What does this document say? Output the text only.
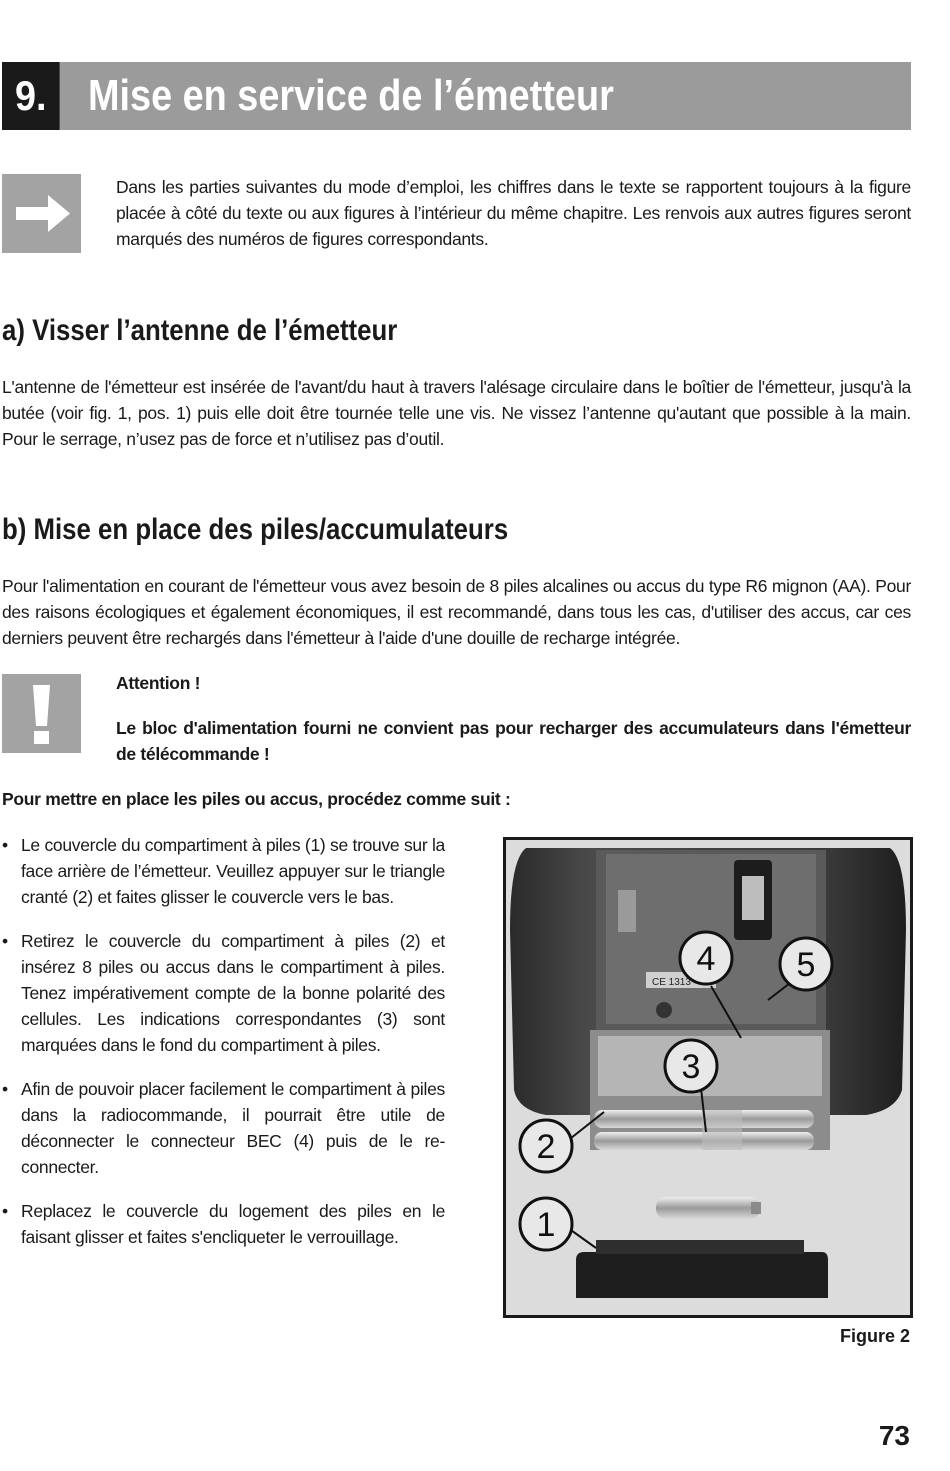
9. Mise en service de l’émetteur
Dans les parties suivantes du mode d’emploi, les chiffres dans le texte se rapportent toujours à la figure placée à côté du texte ou aux figures à l’intérieur du même chapitre. Les renvois aux autres figures seront marqués des numéros de figures correspondants.
a) Visser l’antenne de l’émetteur
L'antenne de l'émetteur est insérée de l'avant/du haut à travers l'alésage circulaire dans le boîtier de l'émetteur, jusqu'à la butée (voir fig. 1, pos. 1) puis elle doit être tournée telle une vis. Ne vissez l’antenne qu'autant que possible à la main. Pour le serrage, n’usez pas de force et n’utilisez pas d’outil.
b) Mise en place des piles/accumulateurs
Pour l'alimentation en courant de l'émetteur vous avez besoin de 8 piles alcalines ou accus du type R6 mignon (AA). Pour des raisons écologiques et également économiques, il est recommandé, dans tous les cas, d'utiliser des accus, car ces derniers peuvent être rechargés dans l'émetteur à l'aide d'une douille de recharge intégrée.
Attention !
Le bloc d'alimentation fourni ne convient pas pour recharger des accumulateurs dans l'émetteur de télécommande !
Pour mettre en place les piles ou accus, procédez comme suit :
• Le couvercle du compartiment à piles (1) se trouve sur la face arrière de l’émetteur. Veuillez appuyer sur le triangle cranté (2) et faites glisser le couvercle vers le bas.
• Retirez le couvercle du compartiment à piles (2) et insérez 8 piles ou accus dans le compartiment à piles. Tenez impérativement compte de la bonne polarité des cellules. Les indications correspondantes (3) sont marquées dans le fond du compartiment à piles.
• Afin de pouvoir placer facilement le compartiment à piles dans la radiocommande, il pourrait être utile de déconnecter le connecteur BEC (4) puis de le re-connecter.
• Replacez le couvercle du logement des piles en le faisant glisser et faites s'encliqueter le verrouillage.
CE 1313
1
2
3
4 5
Figure 2
73
